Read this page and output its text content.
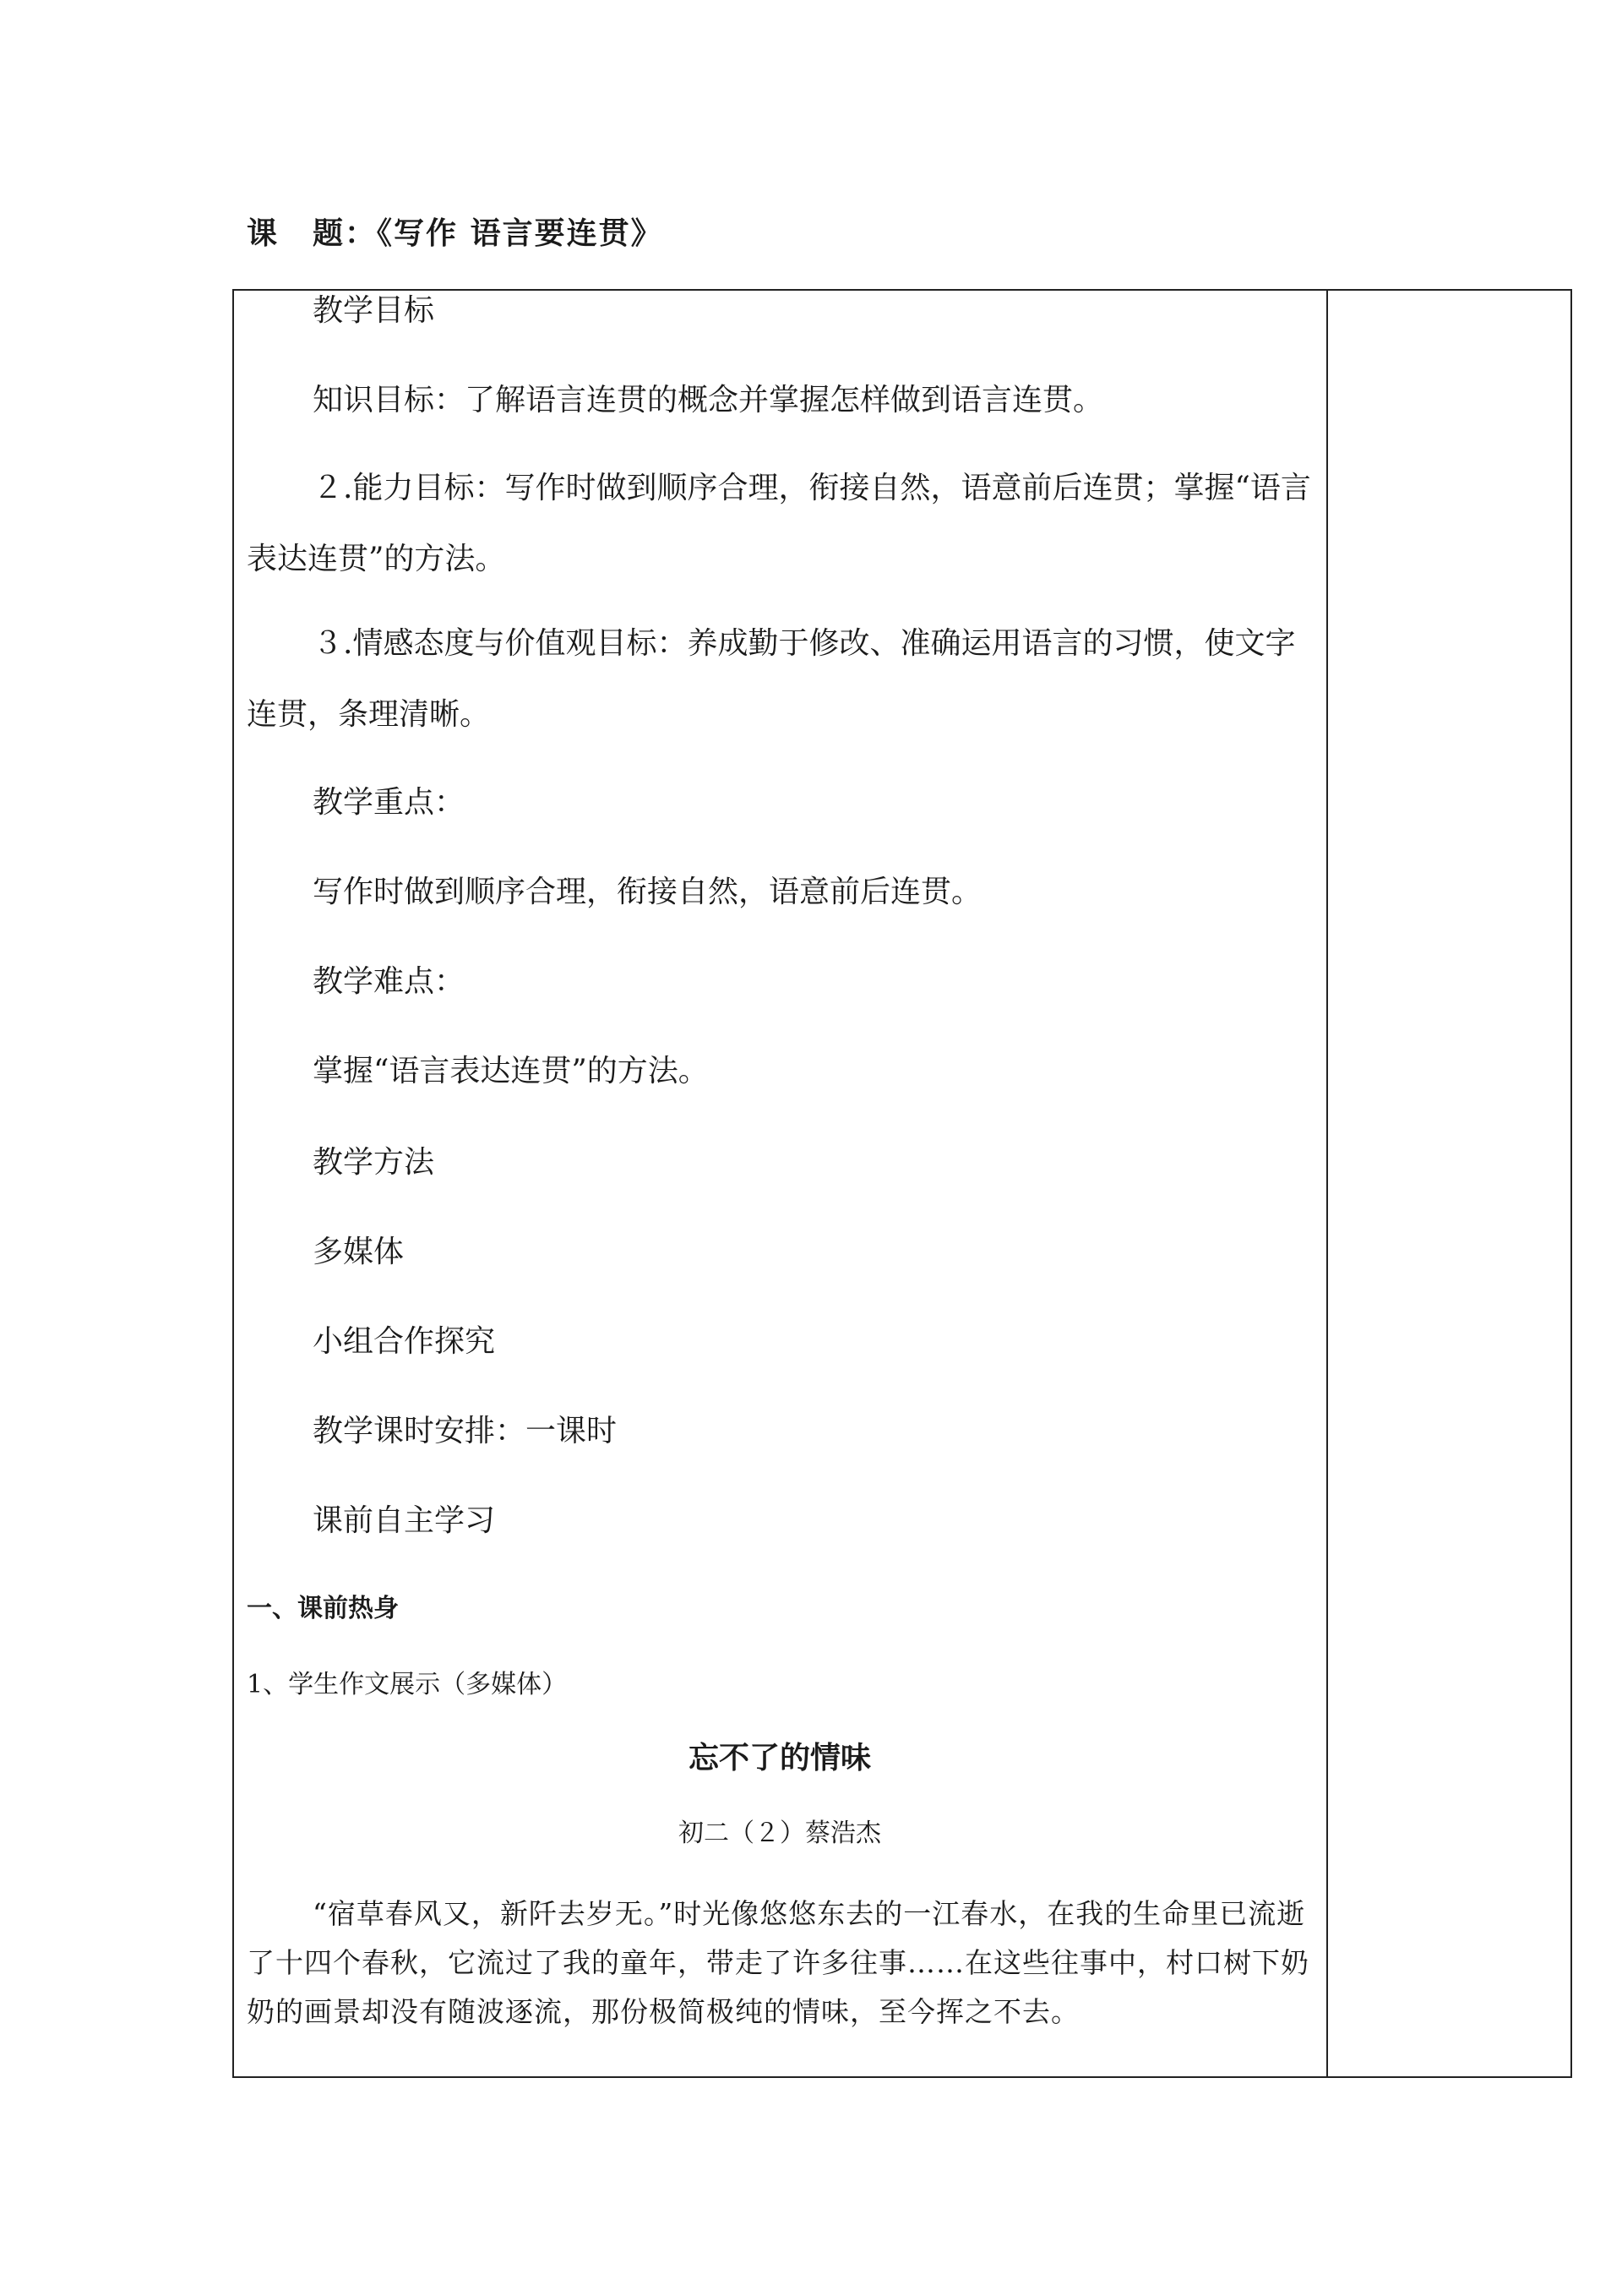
课 题：《写作 语言要连贯》
教学目标
知识目标：了解语言连贯的概念并掌握怎样做到语言连贯。
２.能力目标：写作时做到顺序合理，衔接自然，语意前后连贯；掌握“语言表达连贯”的方法。
３.情感态度与价值观目标：养成勤于修改、准确运用语言的习惯，使文字连贯，条理清晰。
教学重点：
写作时做到顺序合理，衔接自然，语意前后连贯。
教学难点：
掌握“语言表达连贯”的方法。
教学方法
多媒体
小组合作探究
教学课时安排：一课时
课前自主学习
一、课前热身
1、学生作文展示（多媒体）
忘不了的情味
初二（２）蔡浩杰
“宿草春风又，新阡去岁无。”时光像悠悠东去的一江春水，在我的生命里已流逝了十四个春秋，它流过了我的童年，带走了许多往事……在这些往事中，村口树下奶奶的画景却没有随波逐流，那份极简极纯的情味，至今挥之不去。
